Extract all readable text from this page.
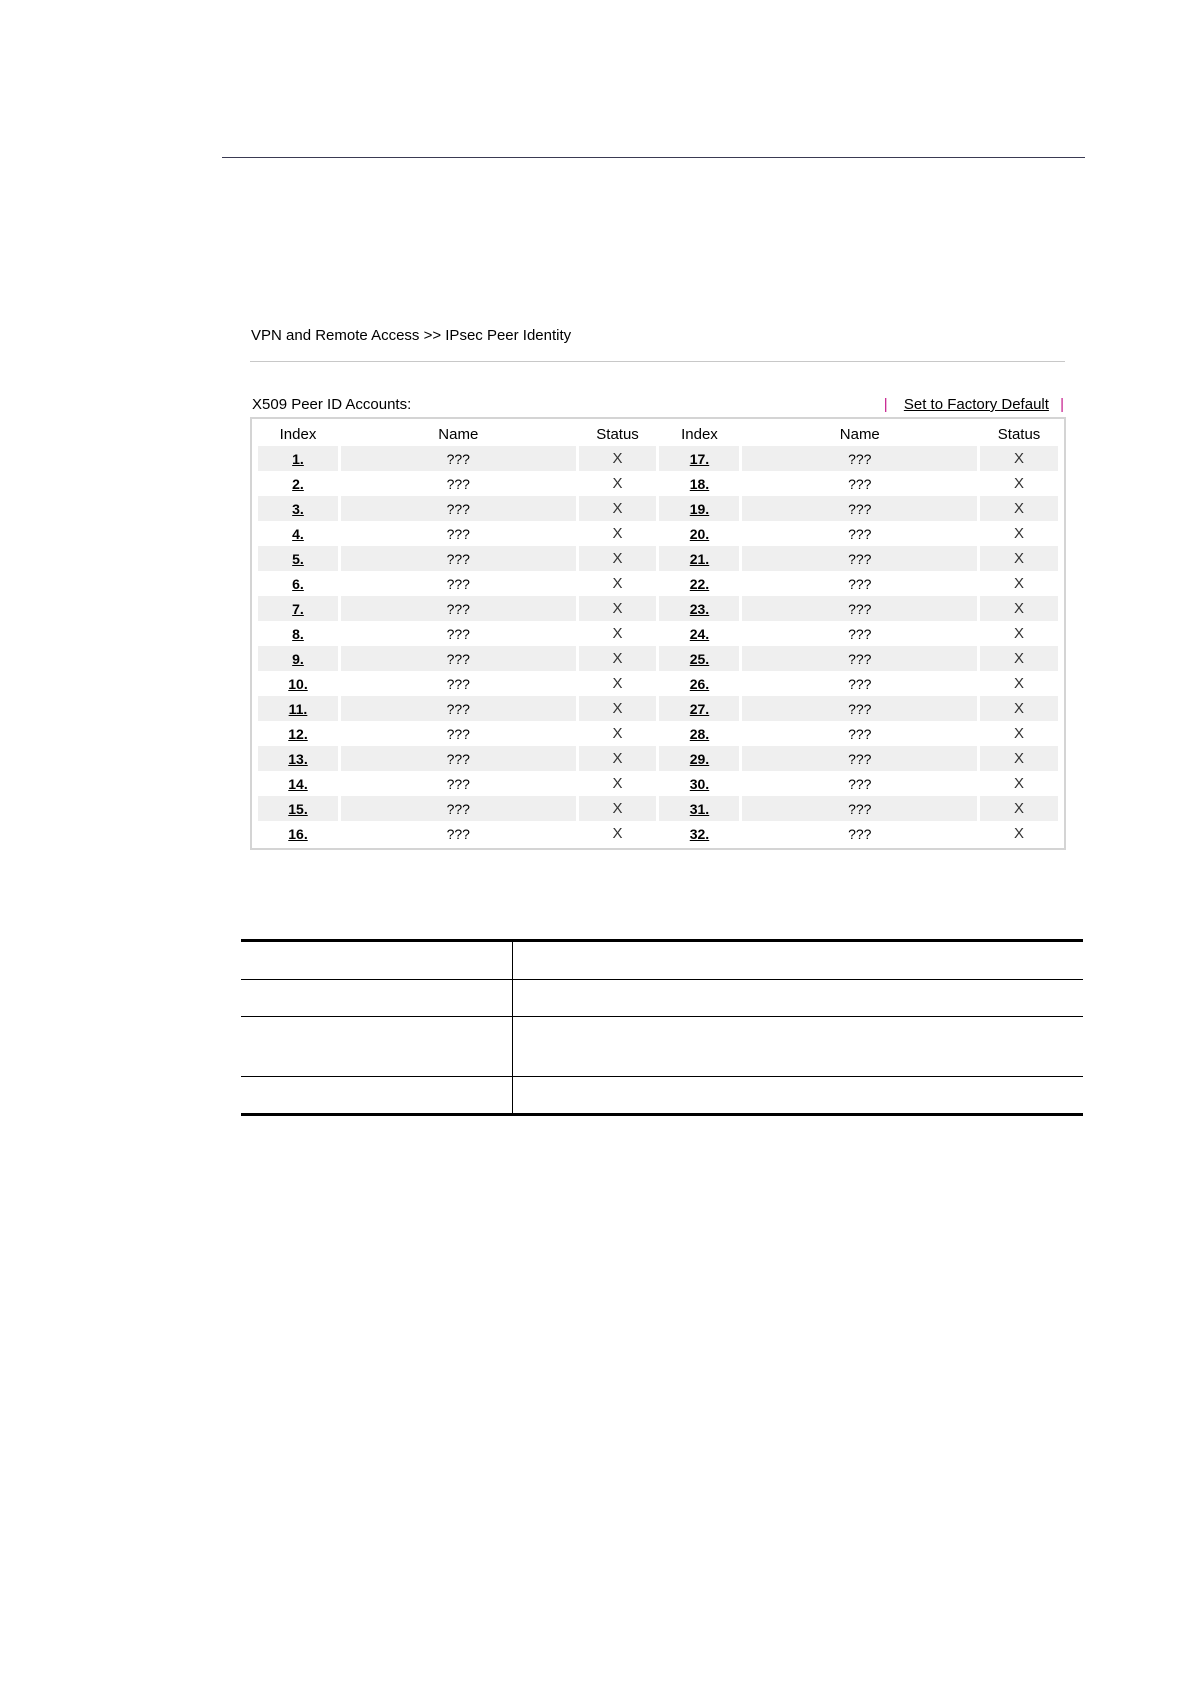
VPN and Remote Access >> IPsec Peer Identity
X509 Peer ID Accounts:	| Set to Factory Default |
Index	Name	Status	Index	Name	Status
1.	???	X	17.	???	X
2.	???	X	18.	???	X
3.	???	X	19.	???	X
4.	???	X	20.	???	X
5.	???	X	21.	???	X
6.	???	X	22.	???	X
7.	???	X	23.	???	X
8.	???	X	24.	???	X
9.	???	X	25.	???	X
10.	???	X	26.	???	X
11.	???	X	27.	???	X
12.	???	X	28.	???	X
13.	???	X	29.	???	X
14.	???	X	30.	???	X
15.	???	X	31.	???	X
16.	???	X	32.	???	X
